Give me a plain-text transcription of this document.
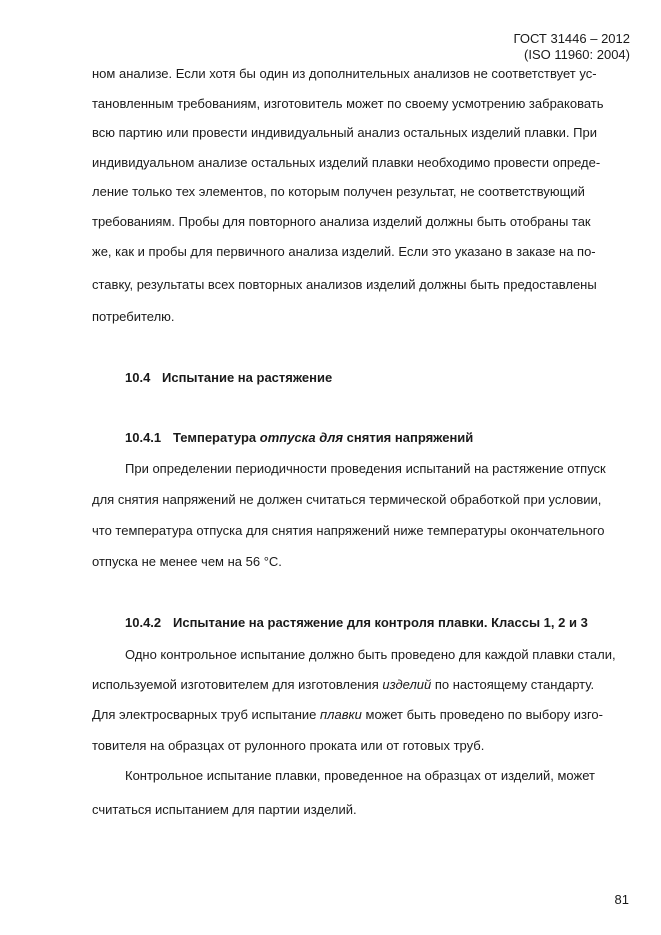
ГОСТ 31446 – 2012
(ISO 11960: 2004)
ном анализе. Если хотя бы один из дополнительных анализов не соответствует ус-
тановленным требованиям, изготовитель может по своему усмотрению забраковать
всю партию или провести индивидуальный анализ остальных изделий плавки. При
индивидуальном анализе остальных изделий плавки необходимо провести опреде-
ление только тех элементов, по которым получен результат, не соответствующий
требованиям. Пробы для повторного анализа изделий должны быть отобраны так
же, как и пробы для первичного анализа изделий. Если это указано в заказе на по-
ставку, результаты всех повторных анализов изделий должны быть предоставлены
потребителю.
10.4 Испытание на растяжение
10.4.1 Температура отпуска для снятия напряжений
При определении периодичности проведения испытаний на растяжение отпуск
для снятия напряжений не должен считаться термической обработкой при условии,
что температура отпуска для снятия напряжений ниже температуры окончательного
отпуска не менее чем на 56 °С.
10.4.2 Испытание на растяжение для контроля плавки. Классы 1, 2 и 3
Одно контрольное испытание должно быть проведено для каждой плавки стали,
используемой изготовителем для изготовления изделий по настоящему стандарту.
Для электросварных труб испытание плавки может быть проведено по выбору изго-
товителя на образцах от рулонного проката или от готовых труб.
Контрольное испытание плавки, проведенное на образцах от изделий, может
считаться испытанием для партии изделий.
81
